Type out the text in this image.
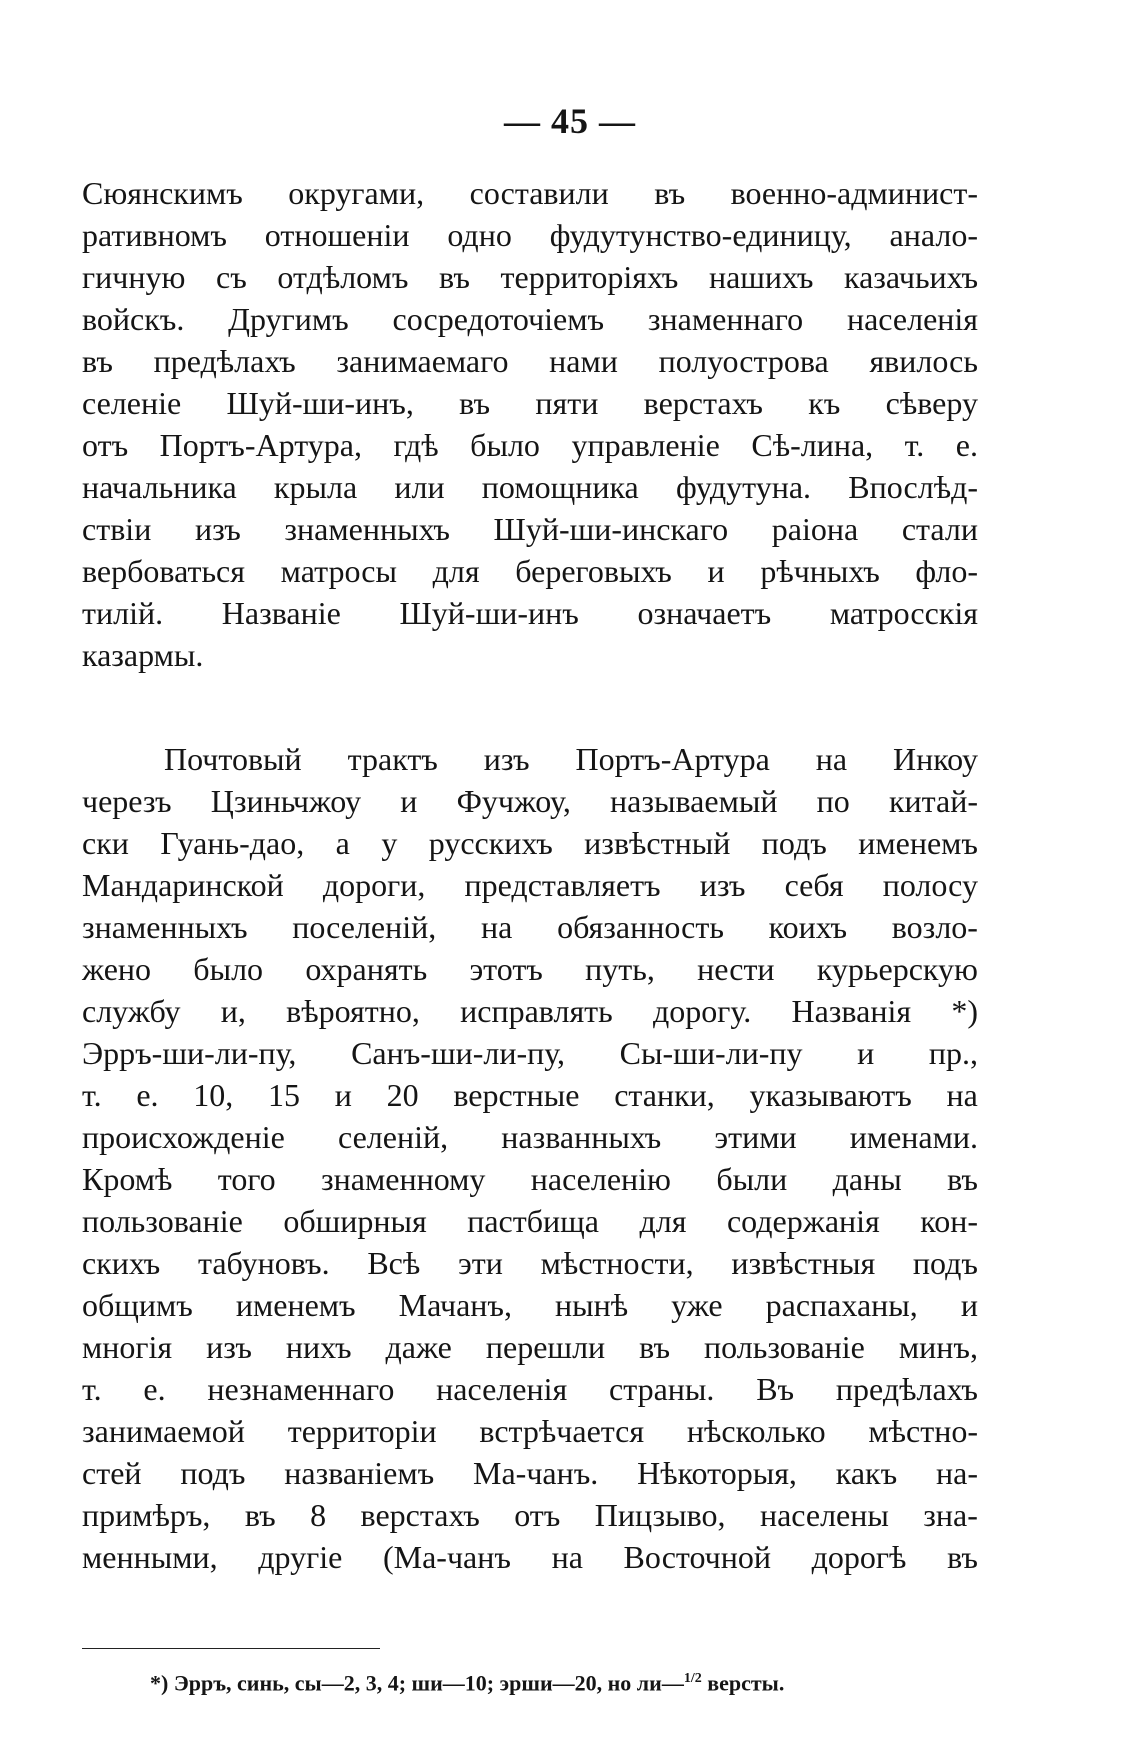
— 45 —
Сюянскимъ округами, составили въ военно-админист-
ративномъ отношеніи одно фудутунство-единицу, анало-
гичную съ отдѣломъ въ территоріяхъ нашихъ казачьихъ
войскъ. Другимъ сосредоточіемъ знаменнаго населенія
въ предѣлахъ занимаемаго нами полуострова явилось
селеніе Шуй-ши-инъ, въ пяти верстахъ къ сѣверу
отъ Портъ-Артура, гдѣ было управленіе Сѣ-лина, т. е.
начальника крыла или помощника фудутуна. Впослѣд-
ствіи изъ знаменныхъ Шуй-ши-инскаго раіона стали
вербоваться матросы для береговыхъ и рѣчныхъ фло-
тилій. Названіе Шуй-ши-инъ означаетъ матросскія
казармы.
Почтовый трактъ изъ Портъ-Артура на Инкоу
черезъ Цзиньчжоу и Фучжоу, называемый по китай-
ски Гуань-дао, а у русскихъ извѣстный подъ именемъ
Мандаринской дороги, представляетъ изъ себя полосу
знаменныхъ поселеній, на обязанность коихъ возло-
жено было охранять этотъ путь, нести курьерскую
службу и, вѣроятно, исправлять дорогу. Названія *)
Эрръ-ши-ли-пу, Санъ-ши-ли-пу, Сы-ши-ли-пу и пр.,
т. е. 10, 15 и 20 верстные станки, указываютъ на
происхожденіе селеній, названныхъ этими именами.
Кромѣ того знаменному населенію были даны въ
пользованіе обширныя пастбища для содержанія кон-
скихъ табуновъ. Всѣ эти мѣстности, извѣстныя подъ
общимъ именемъ Мачанъ, нынѣ уже распаханы, и
многія изъ нихъ даже перешли въ пользованіе минъ,
т. е. незнаменнаго населенія страны. Въ предѣлахъ
занимаемой территоріи встрѣчается нѣсколько мѣстно-
стей подъ названіемъ Ма-чанъ. Нѣкоторыя, какъ на-
примѣръ, въ 8 верстахъ отъ Пицзыво, населены зна-
менными, другіе (Ма-чанъ на Восточной дорогѣ въ
*) Эрръ, синь, сы—2, 3, 4; ши—10; эрши—20, но ли—$^{1/2}$ версты.
